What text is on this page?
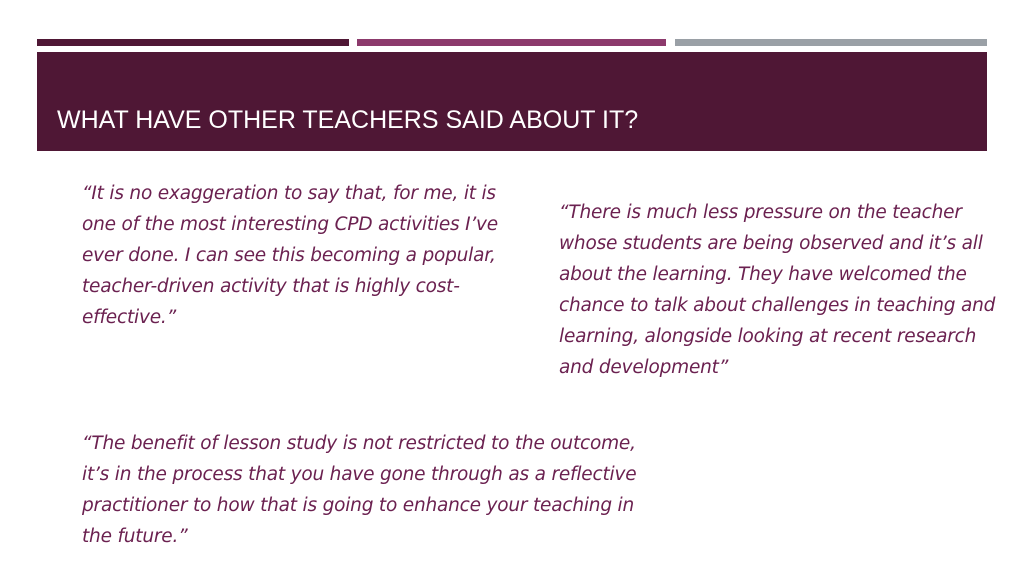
WHAT HAVE OTHER TEACHERS SAID ABOUT IT?

“It is no exaggeration to say that, for me, it is one of the most interesting CPD activities I’ve ever done. I can see this becoming a popular, teacher-driven activity that is highly cost-effective.”

“There is much less pressure on the teacher whose students are being observed and it’s all about the learning. They have welcomed the chance to talk about challenges in teaching and learning, alongside looking at recent research and development”

“The benefit of lesson study is not restricted to the outcome, it’s in the process that you have gone through as a reflective practitioner to how that is going to enhance your teaching in the future.”
